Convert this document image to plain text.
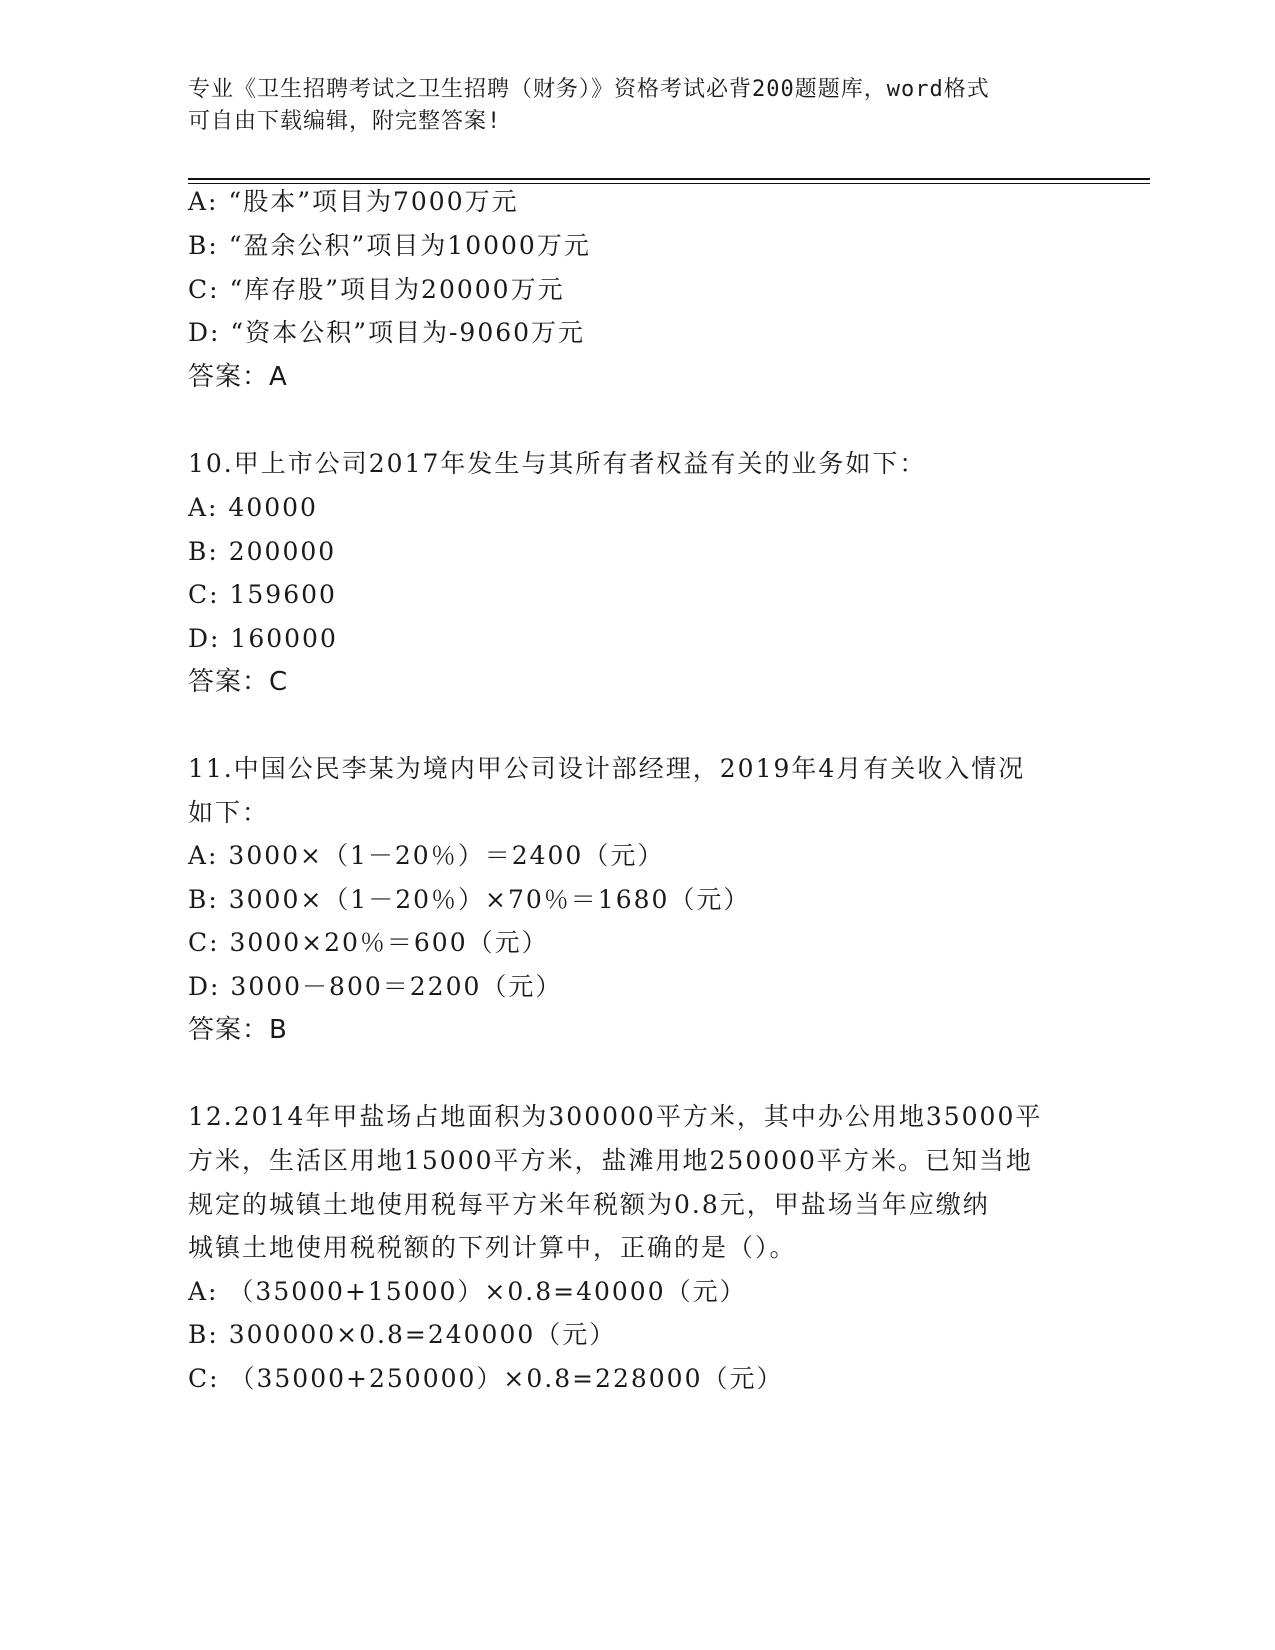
专业《卫生招聘考试之卫生招聘（财务）》资格考试必背200题题库，word格式
可自由下载编辑，附完整答案!
A: “股本”项目为7000万元
B: “盈余公积”项目为10000万元
C: “库存股”项目为20000万元
D: “资本公积”项目为-9060万元
答案：A
10.甲上市公司2017年发生与其所有者权益有关的业务如下：
A: 40000
B: 200000
C: 159600
D: 160000
答案：C
11.中国公民李某为境内甲公司设计部经理，2019年4月有关收入情况
如下：
A: 3000×（1－20％）＝2400（元）
B: 3000×（1－20％）×70％＝1680（元）
C: 3000×20％＝600（元）
D: 3000－800＝2200（元）
答案：B
12.2014年甲盐场占地面积为300000平方米，其中办公用地35000平
方米，生活区用地15000平方米，盐滩用地250000平方米。已知当地
规定的城镇土地使用税每平方米年税额为0.8元，甲盐场当年应缴纳
城镇土地使用税税额的下列计算中，正确的是（）。
A: （35000+15000）×0.8=40000（元）
B: 300000×0.8=240000（元）
C: （35000+250000）×0.8=228000（元）
